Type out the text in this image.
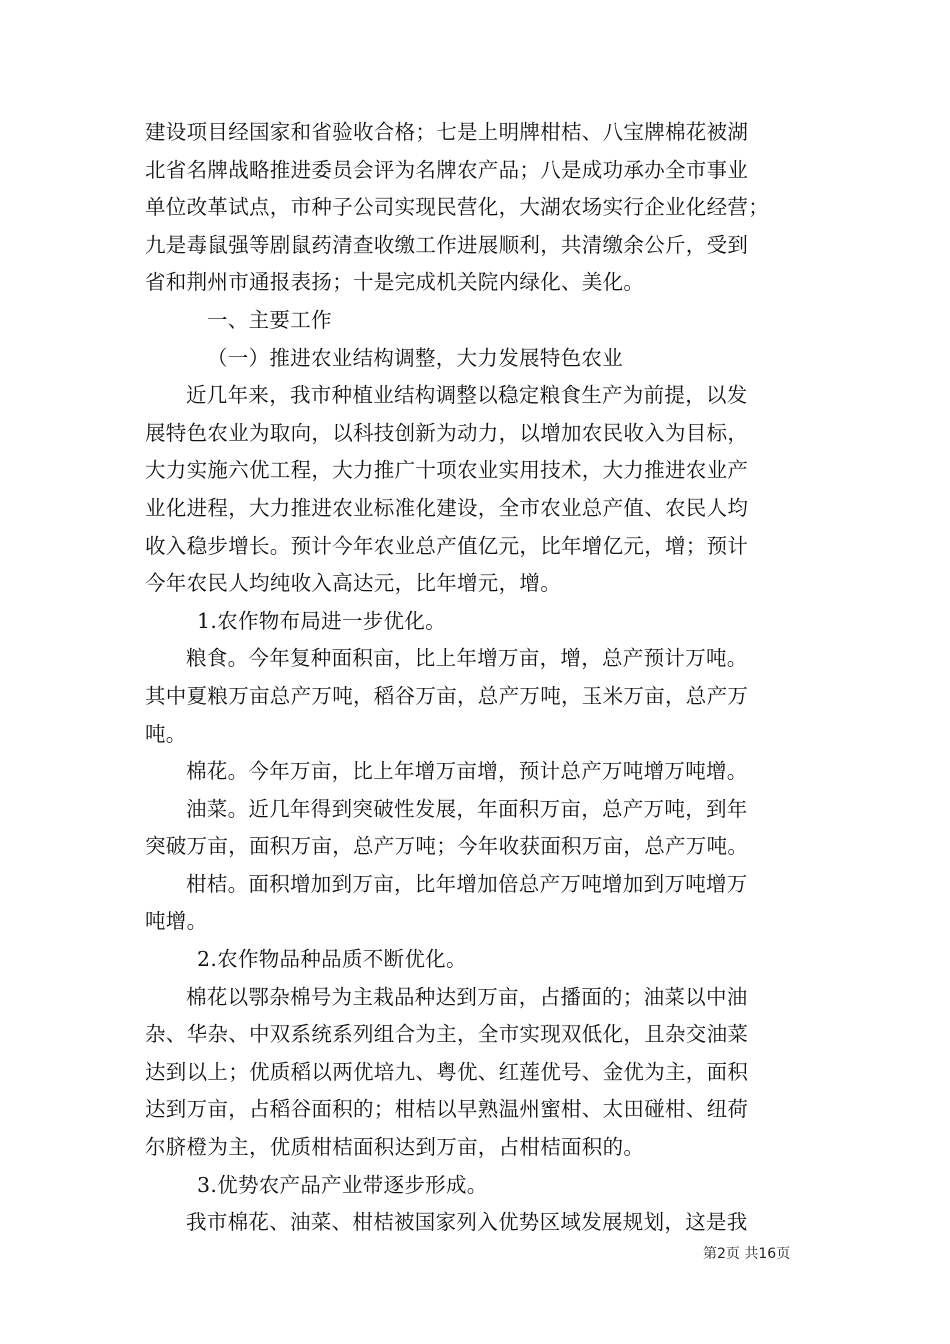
建设项目经国家和省验收合格；七是上明牌柑桔、八宝牌棉花被湖
北省名牌战略推进委员会评为名牌农产品；八是成功承办全市事业
单位改革试点，市种子公司实现民营化，大湖农场实行企业化经营；
九是毒鼠强等剧鼠药清查收缴工作进展顺利，共清缴余公斤，受到
省和荆州市通报表扬；十是完成机关院内绿化、美化。
一、主要工作
（一）推进农业结构调整，大力发展特色农业
近几年来，我市种植业结构调整以稳定粮食生产为前提，以发
展特色农业为取向，以科技创新为动力，以增加农民收入为目标，
大力实施六优工程，大力推广十项农业实用技术，大力推进农业产
业化进程，大力推进农业标准化建设，全市农业总产值、农民人均
收入稳步增长。预计今年农业总产值亿元，比年增亿元，增；预计
今年农民人均纯收入高达元，比年增元，增。
1.农作物布局进一步优化。
粮食。今年复种面积亩，比上年增万亩，增，总产预计万吨。
其中夏粮万亩总产万吨，稻谷万亩，总产万吨，玉米万亩，总产万
吨。
棉花。今年万亩，比上年增万亩增，预计总产万吨增万吨增。
油菜。近几年得到突破性发展，年面积万亩，总产万吨，到年
突破万亩，面积万亩，总产万吨；今年收获面积万亩，总产万吨。
柑桔。面积增加到万亩，比年增加倍总产万吨增加到万吨增万
吨增。
2.农作物品种品质不断优化。
棉花以鄂杂棉号为主栽品种达到万亩，占播面的；油菜以中油
杂、华杂、中双系统系列组合为主，全市实现双低化，且杂交油菜
达到以上；优质稻以两优培九、粤优、红莲优号、金优为主，面积
达到万亩，占稻谷面积的；柑桔以早熟温州蜜柑、太田碰柑、纽荷
尔脐橙为主，优质柑桔面积达到万亩，占柑桔面积的。
3.优势农产品产业带逐步形成。
我市棉花、油菜、柑桔被国家列入优势区域发展规划，这是我
第2页 共16页
